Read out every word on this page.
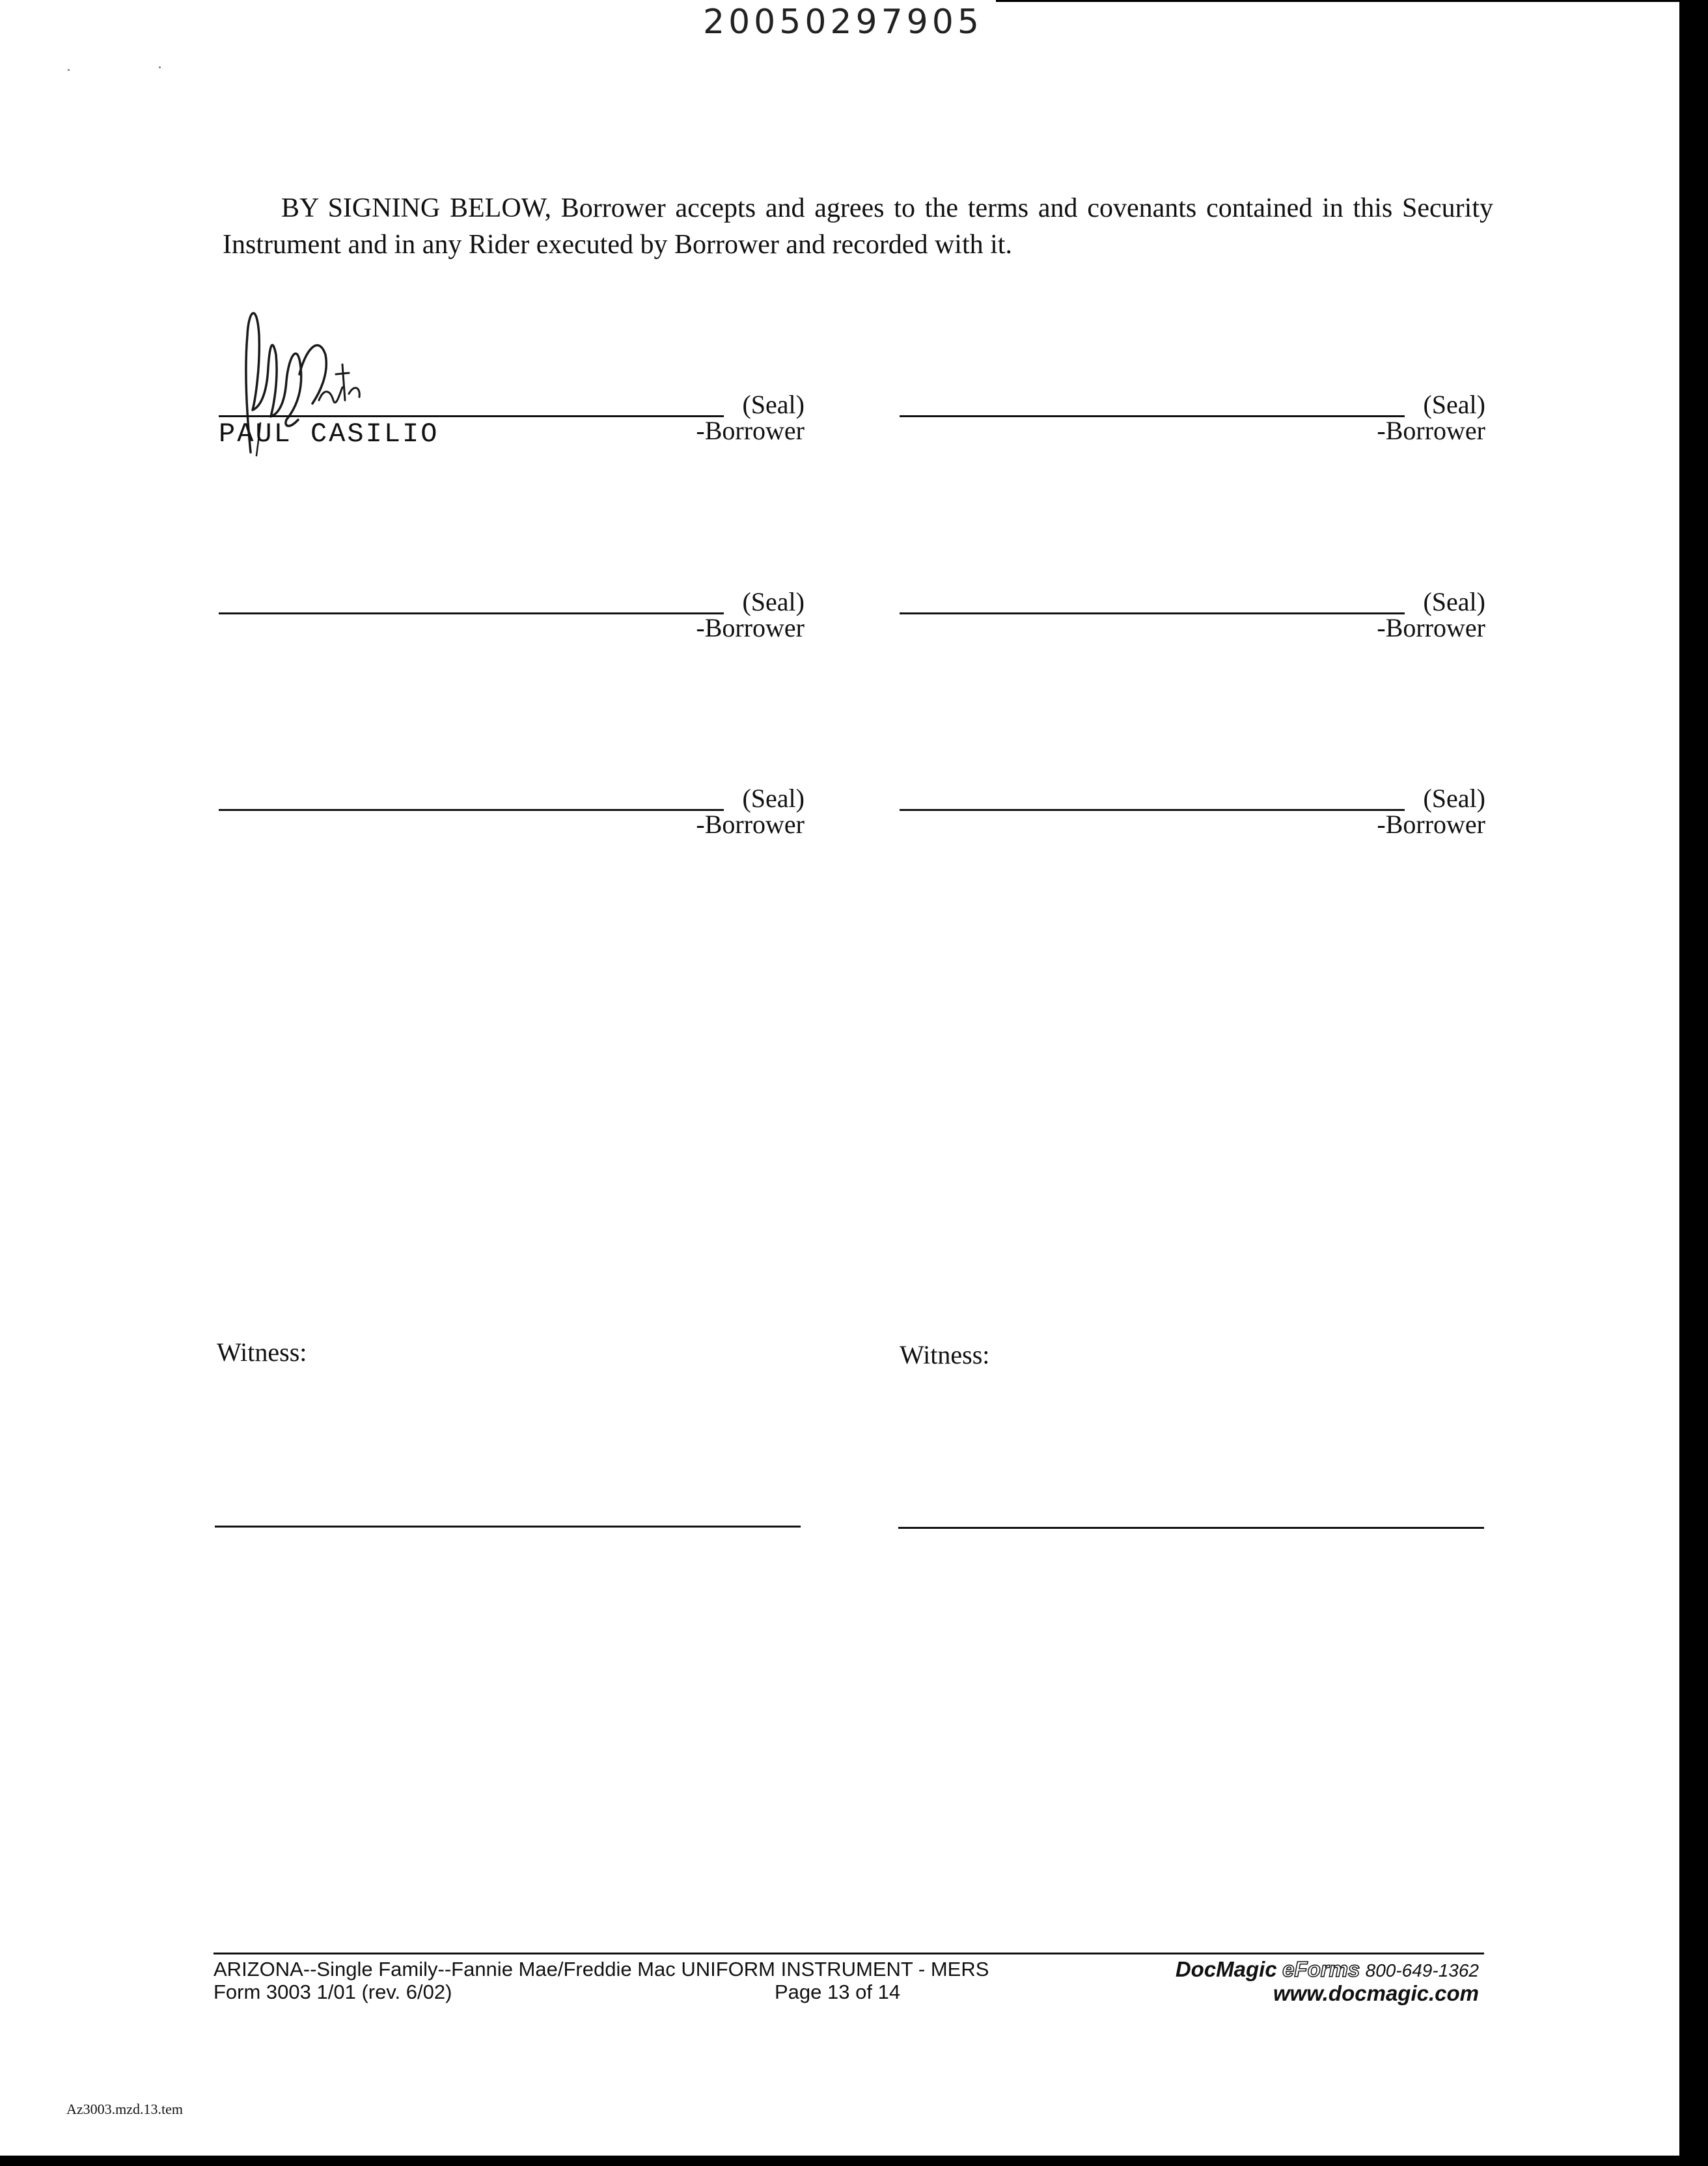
20050297905
BY SIGNING BELOW, Borrower accepts and agrees to the terms and covenants contained in this Security
Instrument and in any Rider executed by Borrower and recorded with it.
(Seal)
-Borrower
PAUL CASILIO
(Seal)
-Borrower
(Seal)
-Borrower
(Seal)
-Borrower
(Seal)
-Borrower
(Seal)
-Borrower
Witness:	Witness:
ARIZONA--Single Family--Fannie Mae/Freddie Mac UNIFORM INSTRUMENT - MERS
Form 3003 1/01 (rev. 6/02)	Page 13 of 14
DocMagic eForms 800-649-1362
www.docmagic.com
Az3003.mzd.13.tem
